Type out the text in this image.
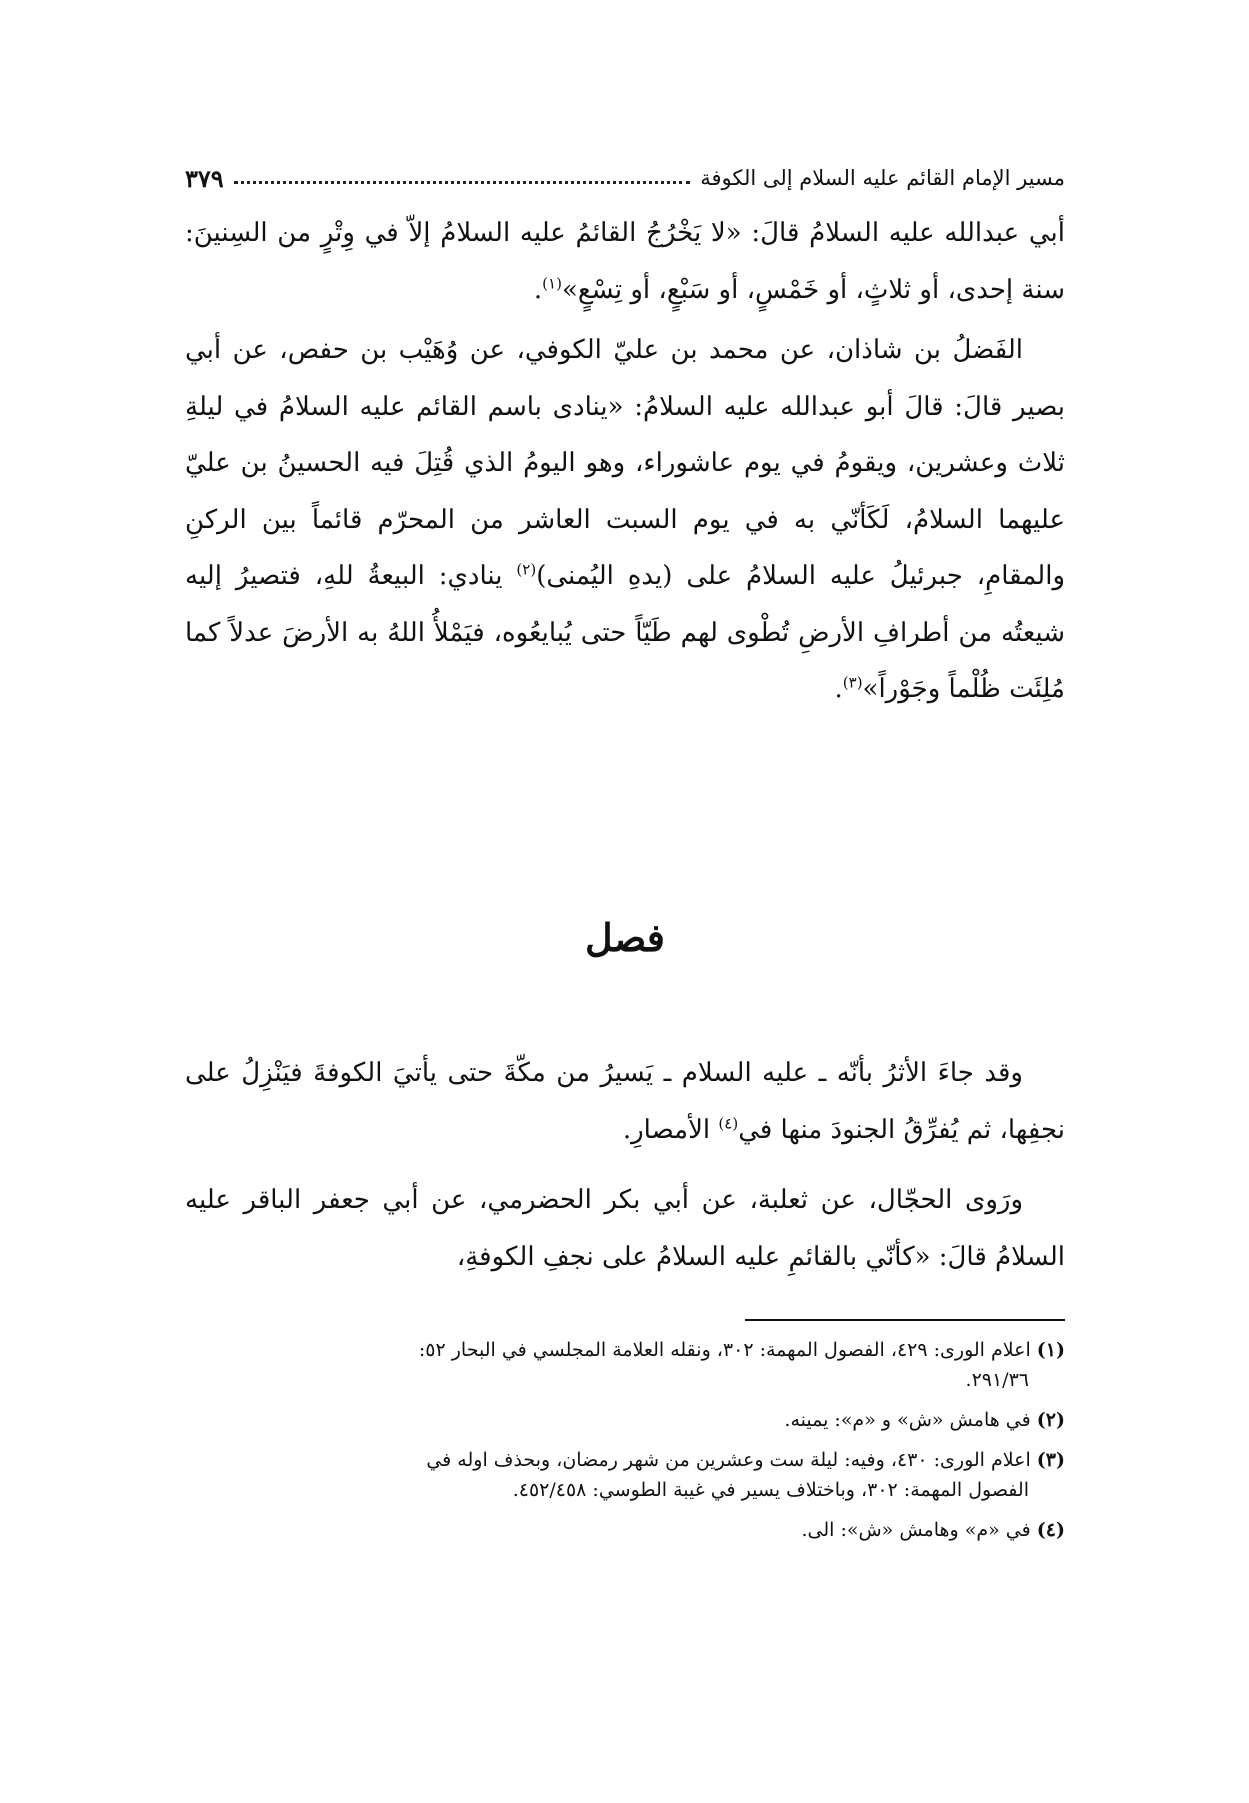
مسير الإمام القائم عليه السلام إلى الكوفة
٣٧٩

أبي عبدالله عليه السلامُ قالَ: «لا يَخْرُجُ القائمُ عليه السلامُ إلاّ في وِتْرٍ من السِنينَ: سنة إحدى، أو ثلاثٍ، أو خَمْسٍ، أو سَبْعٍ، أو تِسْعٍ»$^{(١)}$.

الفَضلُ بن شاذان، عن محمد بن عليّ الكوفي، عن وُهَيْب بن حفص، عن أبي بصير قالَ: قالَ أبو عبدالله عليه السلامُ: «ينادى باسم القائم عليه السلامُ في ليلةِ ثلاث وعشرين، ويقومُ في يوم عاشوراء، وهو اليومُ الذي قُتِلَ فيه الحسينُ بن عليّ عليهما السلامُ، لَكَأنّي به في يوم السبت العاشر من المحرّم قائماً بين الركنِ والمقامِ، جبرئيلُ عليه السلامُ على (يدهِ اليُمنى)$^{(٢)}$ ينادي: البيعةُ للهِ، فتصيرُ إليه شيعتُه من أطرافِ الأرضِ تُطْوى لهم طَيّاً حتى يُبايعُوه، فيَمْلأُ اللهُ به الأرضَ عدلاً كما مُلِئَت ظُلْماً وجَوْراً»$^{(٣)}$.

فصل

وقد جاءَ الأثرُ بأنّه ـ عليه السلام ـ يَسيرُ من مكّةَ حتى يأتيَ الكوفةَ فيَنْزِلُ على نجفِها، ثم يُفرِّقُ الجنودَ منها في$^{(٤)}$ الأمصارِ.

ورَوى الحجّال، عن ثعلبة، عن أبي بكر الحضرمي، عن أبي جعفر الباقر عليه السلامُ قالَ: «كأنّي بالقائمِ عليه السلامُ على نجفِ الكوفةِ،

(١) اعلام الورى: ٤٢٩، الفصول المهمة: ٣٠٢، ونقله العلامة المجلسي في البحار ٥٢:
٢٩١/٣٦.
(٢) في هامش «ش» و «م»: يمينه.
(٣) اعلام الورى: ٤٣٠، وفيه: ليلة ست وعشرين من شهر رمضان، وبحذف اوله في
الفصول المهمة: ٣٠٢، وباختلاف يسير في غيبة الطوسي: ٤٥٢/٤٥٨.
(٤) في «م» وهامش «ش»: الى.
